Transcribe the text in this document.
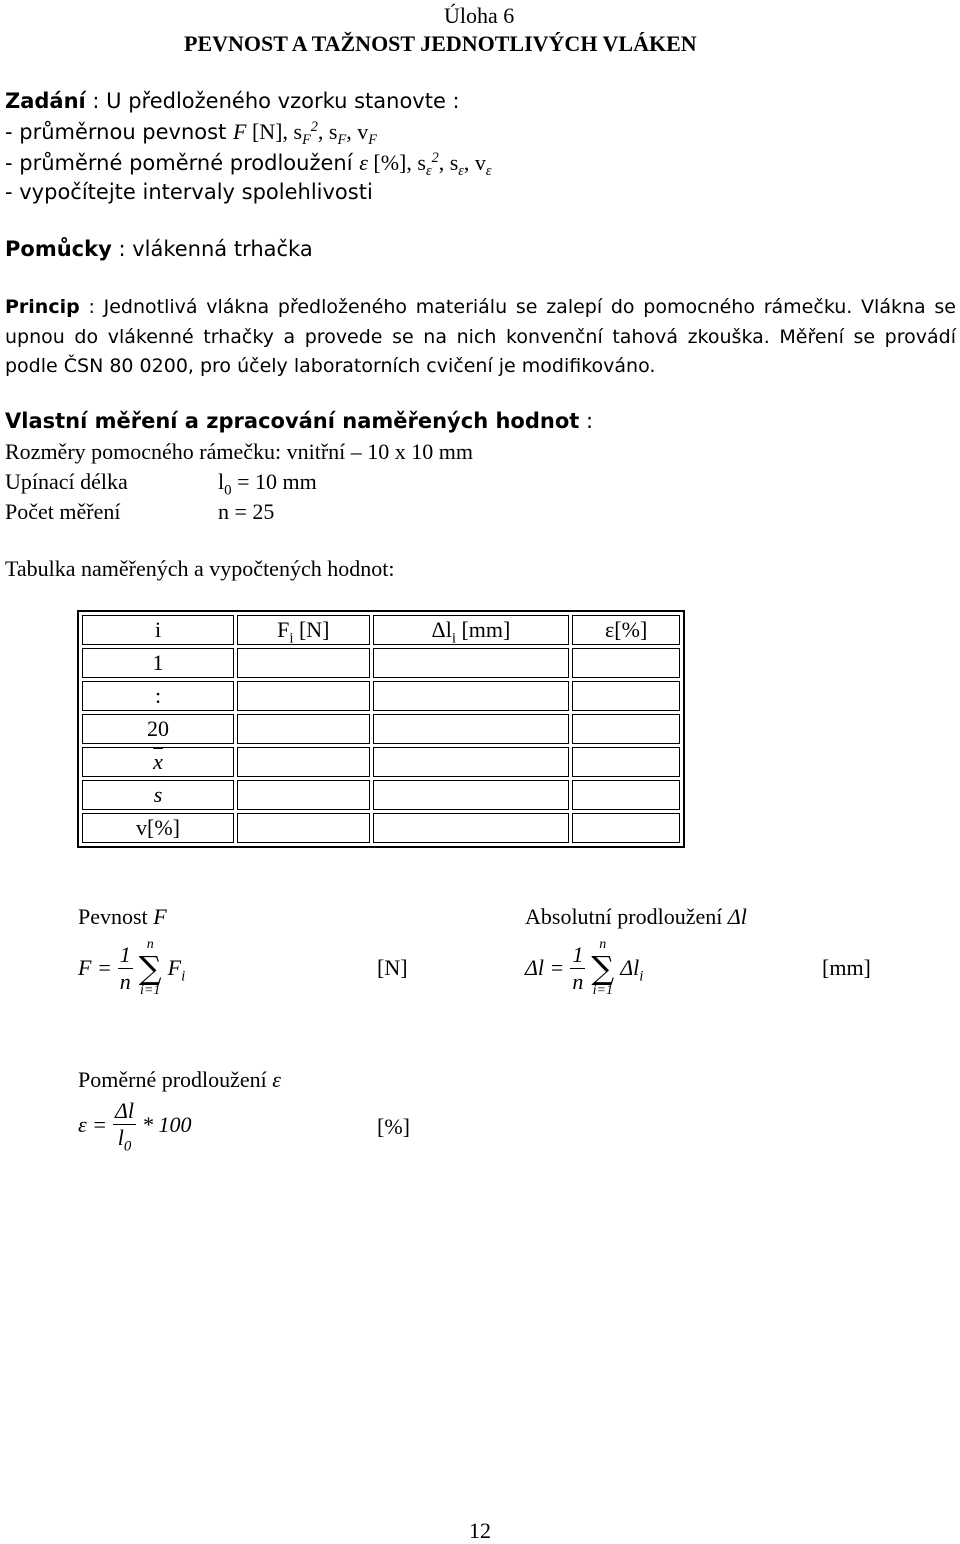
Úloha 6
PEVNOST A TAŽNOST JEDNOTLIVÝCH VLÁKEN
Zadání : U předloženého vzorku stanovte :
- průměrnou pevnost F [N], $s_F^2$, $s_F$, $v_F$
- průměrné poměrné prodloužení ε [%], $s_\varepsilon^2$, $s_\varepsilon$, $v_\varepsilon$
- vypočítejte intervaly spolehlivosti
Pomůcky : vlákenná trhačka
Princip : Jednotlivá vlákna předloženého materiálu se zalepí do pomocného rámečku. Vlákna se upnou do vlákenné trhačky a provede se na nich konvenční tahová zkouška. Měření se provádí podle ČSN 80 0200, pro účely laboratorních cvičení je modifikováno.
Vlastní měření a zpracování naměřených hodnot :
Rozměry pomocného rámečku: vnitřní – 10 x 10 mm
Upínací délka	$l_0 = 10$ mm
Počet měření	n = 25
Tabulka naměřených a vypočtených hodnot:
i	$F_i$ [N]	$\Delta l_i$ [mm]	ε[%]
1			
:			
20			
$\overline{x}$			
s			
v[%]			
Pevnost F
$F = \frac{1}{n}$ n
∑
i=1
$F_i$	[N]
Absolutní prodloužení Δl
$\Delta l = \frac{1}{n}$ n
∑
i=1
$\Delta l_i$	[mm]
Poměrné prodloužení ε
$\varepsilon = \frac{\Delta l}{l_0} * 100$	[%]
12
